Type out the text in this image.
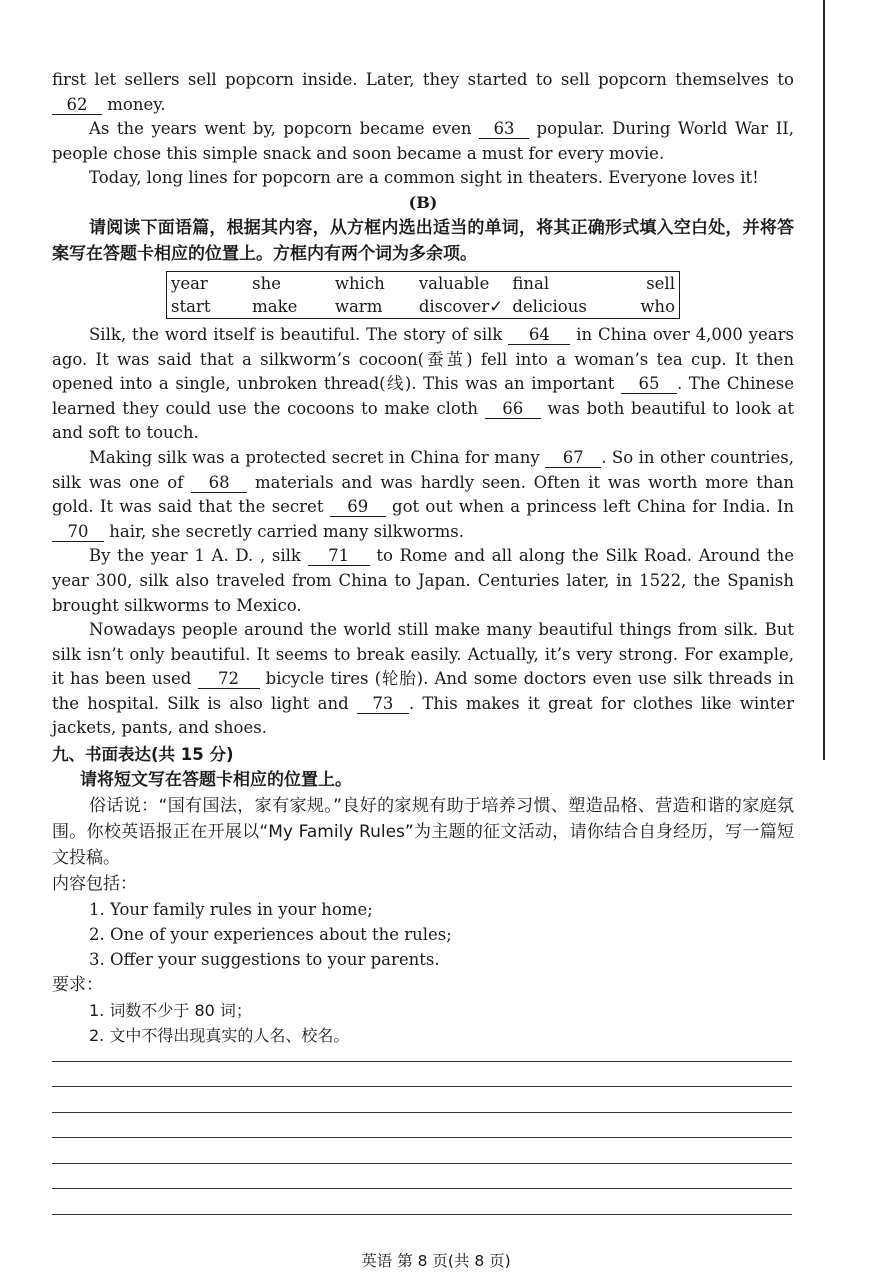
first let sellers sell popcorn inside. Later, they started to sell popcorn themselves to 62 money.

As the years went by, popcorn became even 63 popular. During World War II, people chose this simple snack and soon became a must for every movie.

Today, long lines for popcorn are a common sight in theaters. Everyone loves it!

(B)

请阅读下面语篇，根据其内容，从方框内选出适当的单词，将其正确形式填入空白处，并将答案写在答题卡相应的位置上。方框内有两个词为多余项。

year	she	which	valuable	final	sell
start	make	warm	discover✓	delicious	who

Silk, the word itself is beautiful. The story of silk 64 in China over 4,000 years ago. It was said that a silkworm’s cocoon(蚕茧) fell into a woman’s tea cup. It then opened into a single, unbroken thread(线). This was an important 65 . The Chinese learned they could use the cocoons to make cloth 66 was both beautiful to look at and soft to touch.

Making silk was a protected secret in China for many 67 . So in other countries, silk was one of 68 materials and was hardly seen. Often it was worth more than gold. It was said that the secret 69 got out when a princess left China for India. In 70 hair, she secretly carried many silkworms.

By the year 1 A. D. , silk 71 to Rome and all along the Silk Road. Around the year 300, silk also traveled from China to Japan. Centuries later, in 1522, the Spanish brought silkworms to Mexico.

Nowadays people around the world still make many beautiful things from silk. But silk isn’t only beautiful. It seems to break easily. Actually, it’s very strong. For example, it has been used 72 bicycle tires (轮胎). And some doctors even use silk threads in the hospital. Silk is also light and 73 . This makes it great for clothes like winter jackets, pants, and shoes.

九、书面表达(共 15 分)

请将短文写在答题卡相应的位置上。

俗话说：“国有国法，家有家规。”良好的家规有助于培养习惯、塑造品格、营造和谐的家庭氛围。你校英语报正在开展以“My Family Rules”为主题的征文活动，请你结合自身经历，写一篇短文投稿。

内容包括：

1. Your family rules in your home;

2. One of your experiences about the rules;

3. Offer your suggestions to your parents.

要求：

1. 词数不少于 80 词；

2. 文中不得出现真实的人名、校名。

英语 第 8 页(共 8 页)
